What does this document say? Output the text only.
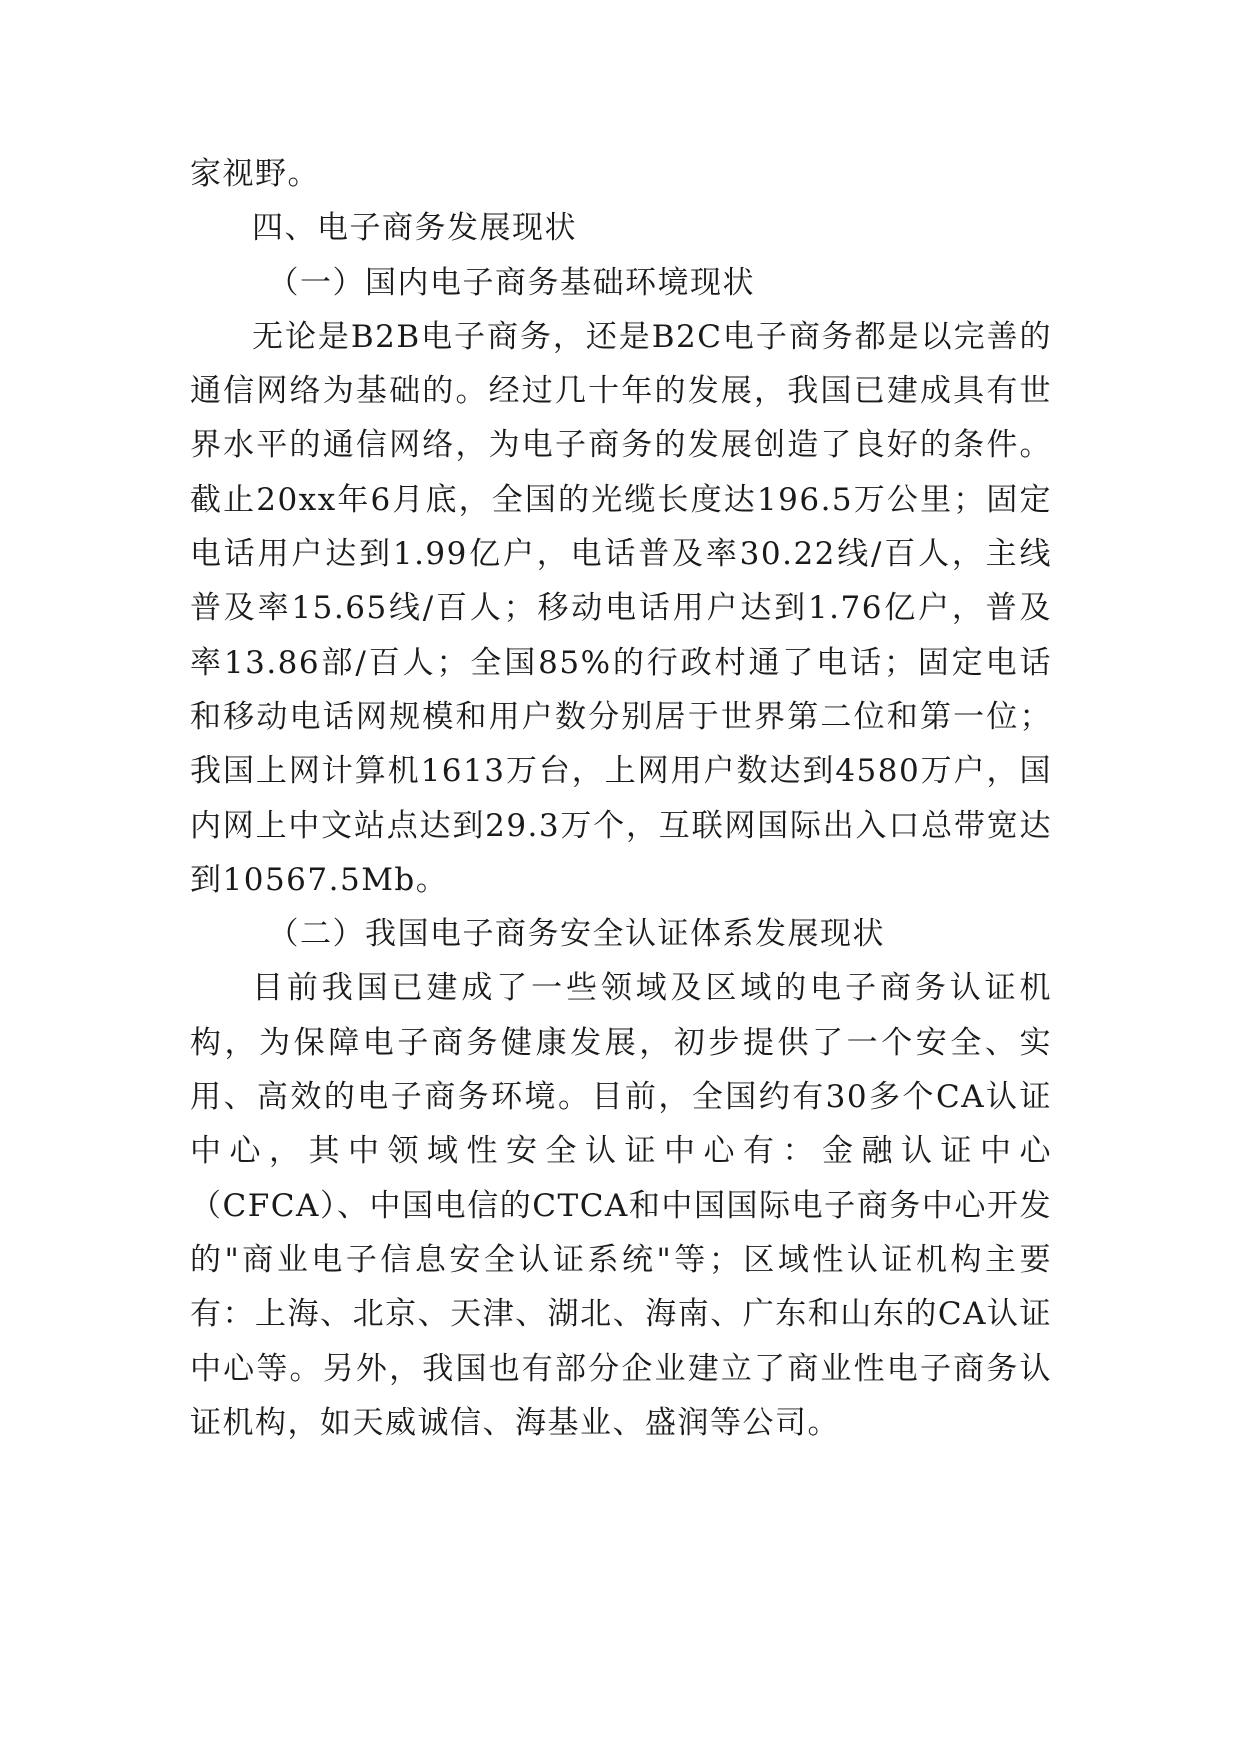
家视野。

四、电子商务发展现状

（一）国内电子商务基础环境现状

无论是B2B电子商务，还是B2C电子商务都是以完善的通信网络为基础的。经过几十年的发展，我国已建成具有世界水平的通信网络，为电子商务的发展创造了良好的条件。截止20xx年6月底，全国的光缆长度达196.5万公里；固定电话用户达到1.99亿户，电话普及率30.22线/百人，主线普及率15.65线/百人；移动电话用户达到1.76亿户，普及率13.86部/百人；全国85%的行政村通了电话；固定电话和移动电话网规模和用户数分别居于世界第二位和第一位；我国上网计算机1613万台，上网用户数达到4580万户，国内网上中文站点达到29.3万个，互联网国际出入口总带宽达到10567.5Mb。

（二）我国电子商务安全认证体系发展现状

目前我国已建成了一些领域及区域的电子商务认证机构，为保障电子商务健康发展，初步提供了一个安全、实用、高效的电子商务环境。目前，全国约有30多个CA认证中心，其中领域性安全认证中心有：金融认证中心（CFCA）、中国电信的CTCA和中国国际电子商务中心开发的"商业电子信息安全认证系统"等；区域性认证机构主要有：上海、北京、天津、湖北、海南、广东和山东的CA认证中心等。另外，我国也有部分企业建立了商业性电子商务认证机构，如天威诚信、海基业、盛润等公司。
